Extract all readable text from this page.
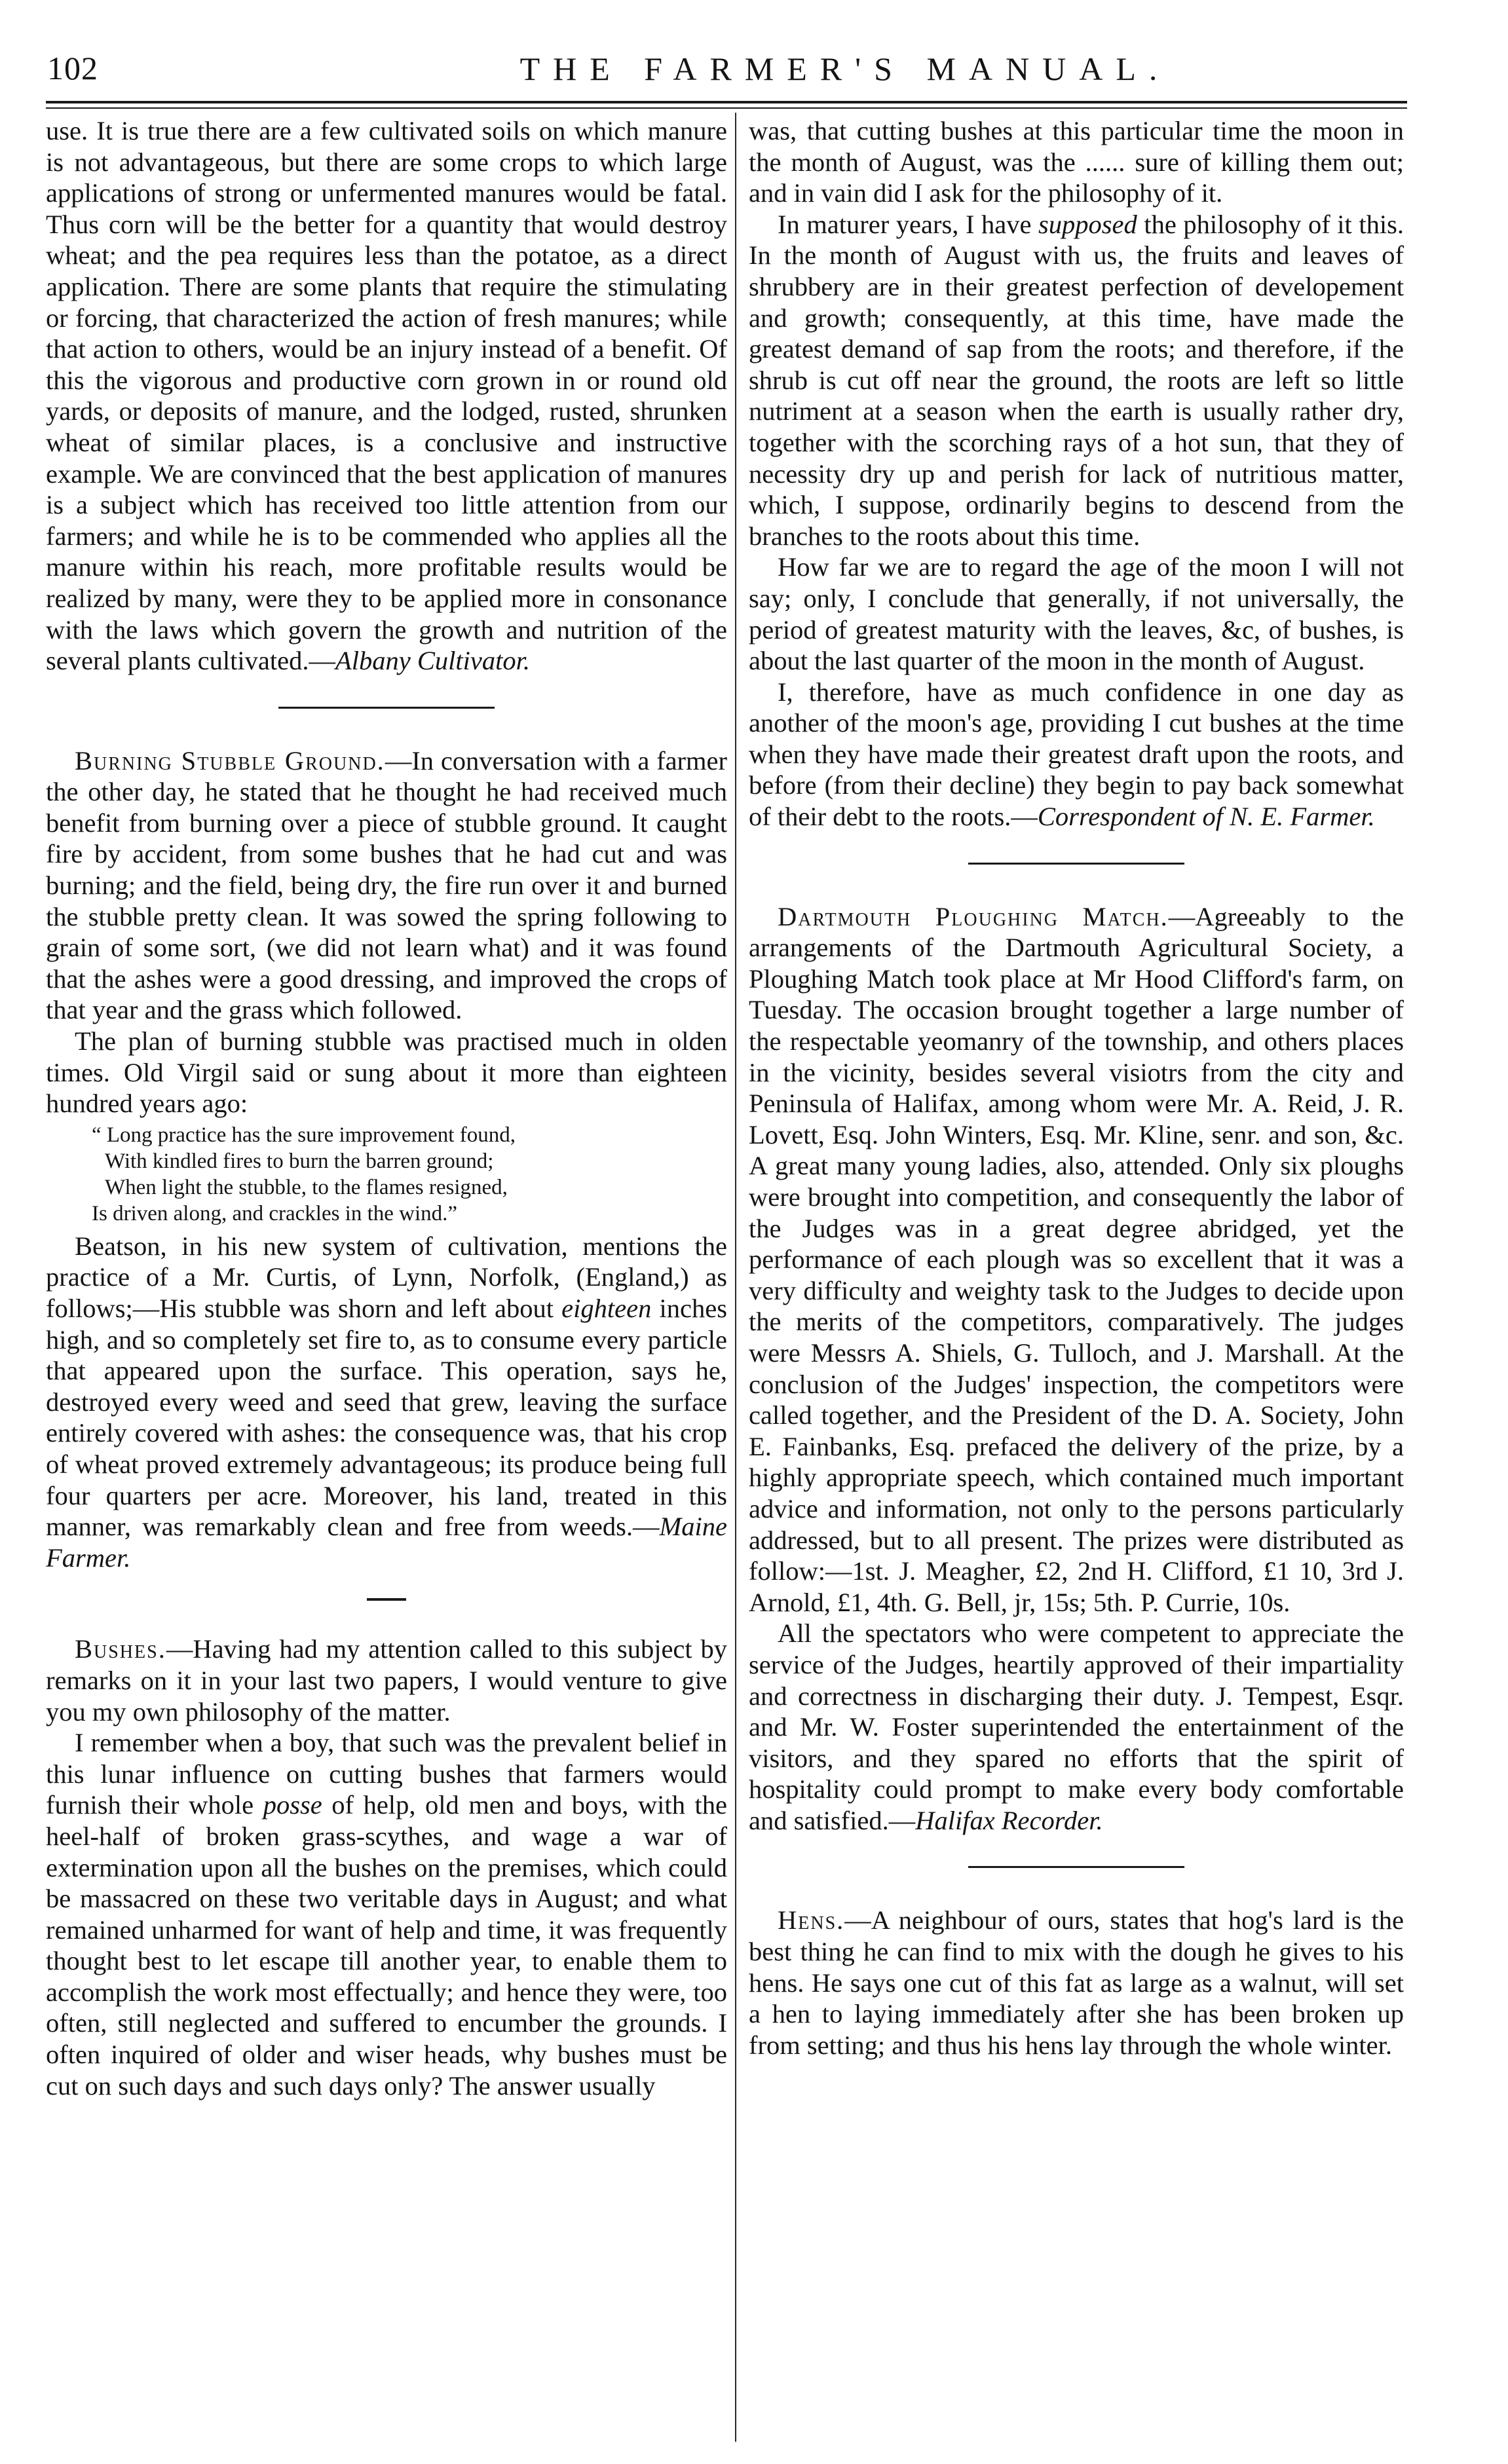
102	THE FARMER'S MANUAL.

use. It is true there are a few cultivated soils on which manure is not advantageous, but there are some crops to which large applications of strong or unfermented manures would be fatal. Thus corn will be the better for a quantity that would destroy wheat; and the pea requires less than the potatoe, as a direct application. There are some plants that require the stimulating or forcing, that characterized the action of fresh manures; while that action to others, would be an injury instead of a benefit. Of this the vigorous and productive corn grown in or round old yards, or deposits of manure, and the lodged, rusted, shrunken wheat of similar places, is a conclusive and instructive example. We are convinced that the best application of manures is a subject which has received too little attention from our farmers; and while he is to be commended who applies all the manure within his reach, more profitable results would be realized by many, were they to be applied more in consonance with the laws which govern the growth and nutrition of the several plants cultivated.—Albany Cultivator.

Burning Stubble Ground.—In conversation with a farmer the other day, he stated that he thought he had received much benefit from burning over a piece of stubble ground. It caught fire by accident, from some bushes that he had cut and was burning; and the field, being dry, the fire run over it and burned the stubble pretty clean. It was sowed the spring following to grain of some sort, (we did not learn what) and it was found that the ashes were a good dressing, and improved the crops of that year and the grass which followed.

The plan of burning stubble was practised much in olden times. Old Virgil said or sung about it more than eighteen hundred years ago:

“ Long practice has the sure improvement found,
With kindled fires to burn the barren ground;
When light the stubble, to the flames resigned,
Is driven along, and crackles in the wind.”

Beatson, in his new system of cultivation, mentions the practice of a Mr. Curtis, of Lynn, Norfolk, (England,) as follows;—His stubble was shorn and left about eighteen inches high, and so completely set fire to, as to consume every particle that appeared upon the surface. This operation, says he, destroyed every weed and seed that grew, leaving the surface entirely covered with ashes: the consequence was, that his crop of wheat proved extremely advantageous; its produce being full four quarters per acre. Moreover, his land, treated in this manner, was remarkably clean and free from weeds.—Maine Farmer.

Bushes.—Having had my attention called to this subject by remarks on it in your last two papers, I would venture to give you my own philosophy of the matter.

I remember when a boy, that such was the prevalent belief in this lunar influence on cutting bushes that farmers would furnish their whole posse of help, old men and boys, with the heel-half of broken grass-scythes, and wage a war of extermination upon all the bushes on the premises, which could be massacred on these two veritable days in August; and what remained unharmed for want of help and time, it was frequently thought best to let escape till another year, to enable them to accomplish the work most effectually; and hence they were, too often, still neglected and suffered to encumber the grounds. I often inquired of older and wiser heads, why bushes must be cut on such days and such days only? The answer usually

was, that cutting bushes at this particular time the moon in the month of August, was the ...... sure of killing them out; and in vain did I ask for the philosophy of it.

In maturer years, I have supposed the philosophy of it this. In the month of August with us, the fruits and leaves of shrubbery are in their greatest perfection of developement and growth; consequently, at this time, have made the greatest demand of sap from the roots; and therefore, if the shrub is cut off near the ground, the roots are left so little nutriment at a season when the earth is usually rather dry, together with the scorching rays of a hot sun, that they of necessity dry up and perish for lack of nutritious matter, which, I suppose, ordinarily begins to descend from the branches to the roots about this time.

How far we are to regard the age of the moon I will not say; only, I conclude that generally, if not universally, the period of greatest maturity with the leaves, &c, of bushes, is about the last quarter of the moon in the month of August.

I, therefore, have as much confidence in one day as another of the moon's age, providing I cut bushes at the time when they have made their greatest draft upon the roots, and before (from their decline) they begin to pay back somewhat of their debt to the roots.—Correspondent of N. E. Farmer.

Dartmouth Ploughing Match.—Agreeably to the arrangements of the Dartmouth Agricultural Society, a Ploughing Match took place at Mr Hood Clifford's farm, on Tuesday. The occasion brought together a large number of the respectable yeomanry of the township, and others places in the vicinity, besides several visiotrs from the city and Peninsula of Halifax, among whom were Mr. A. Reid, J. R. Lovett, Esq. John Winters, Esq. Mr. Kline, senr. and son, &c. A great many young ladies, also, attended. Only six ploughs were brought into competition, and consequently the labor of the Judges was in a great degree abridged, yet the performance of each plough was so excellent that it was a very difficulty and weighty task to the Judges to decide upon the merits of the competitors, comparatively. The judges were Messrs A. Shiels, G. Tulloch, and J. Marshall. At the conclusion of the Judges' inspection, the competitors were called together, and the President of the D. A. Society, John E. Fainbanks, Esq. prefaced the delivery of the prize, by a highly appropriate speech, which contained much important advice and information, not only to the persons particularly addressed, but to all present. The prizes were distributed as follow:—1st. J. Meagher, £2, 2nd H. Clifford, £1 10, 3rd J. Arnold, £1, 4th. G. Bell, jr, 15s; 5th. P. Currie, 10s.

All the spectators who were competent to appreciate the service of the Judges, heartily approved of their impartiality and correctness in discharging their duty. J. Tempest, Esqr. and Mr. W. Foster superintended the entertainment of the visitors, and they spared no efforts that the spirit of hospitality could prompt to make every body comfortable and satisfied.—Halifax Recorder.

Hens.—A neighbour of ours, states that hog's lard is the best thing he can find to mix with the dough he gives to his hens. He says one cut of this fat as large as a walnut, will set a hen to laying immediately after she has been broken up from setting; and thus his hens lay through the whole winter.
